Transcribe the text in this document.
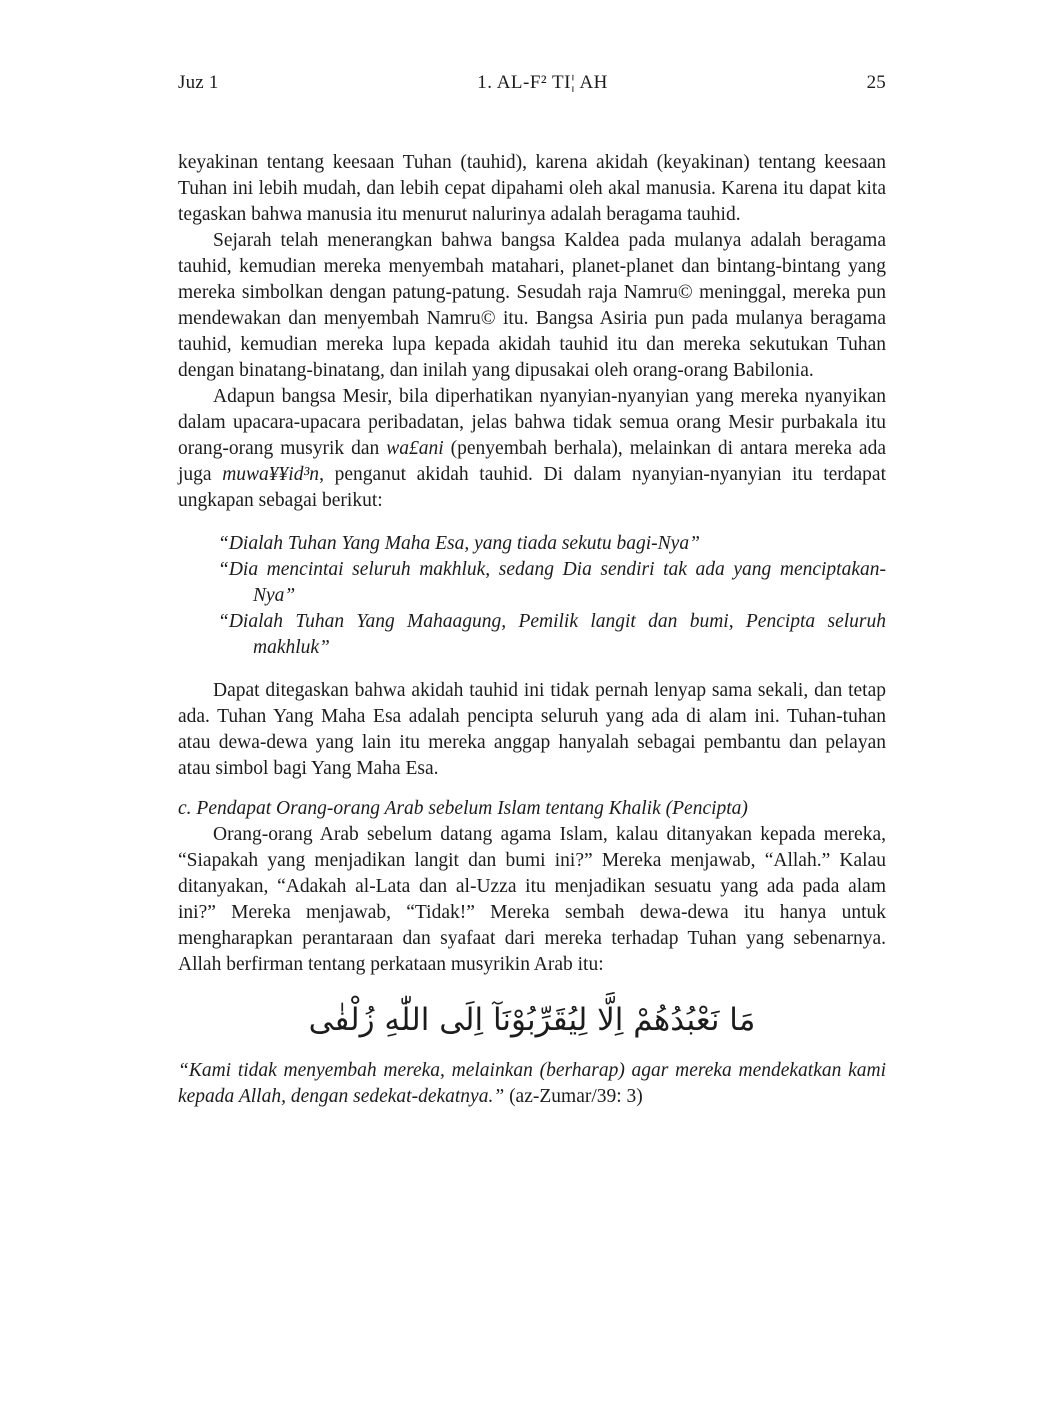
Juz 1	1. AL-F² TI¦ AH	25

keyakinan tentang keesaan Tuhan (tauhid), karena akidah (keyakinan) tentang keesaan Tuhan ini lebih mudah, dan lebih cepat dipahami oleh akal manusia. Karena itu dapat kita tegaskan bahwa manusia itu menurut nalurinya adalah beragama tauhid.

Sejarah telah menerangkan bahwa bangsa Kaldea pada mulanya adalah beragama tauhid, kemudian mereka menyembah matahari, planet-planet dan bintang-bintang yang mereka simbolkan dengan patung-patung. Sesudah raja Namru© meninggal, mereka pun mendewakan dan menyembah Namru© itu. Bangsa Asiria pun pada mulanya beragama tauhid, kemudian mereka lupa kepada akidah tauhid itu dan mereka sekutukan Tuhan dengan binatang-binatang, dan inilah yang dipusakai oleh orang-orang Babilonia.

Adapun bangsa Mesir, bila diperhatikan nyanyian-nyanyian yang mereka nyanyikan dalam upacara-upacara peribadatan, jelas bahwa tidak semua orang Mesir purbakala itu orang-orang musyrik dan wa£ani (penyembah berhala), melainkan di antara mereka ada juga muwa¥¥id³n, penganut akidah tauhid. Di dalam nyanyian-nyanyian itu terdapat ungkapan sebagai berikut:

“Dialah Tuhan Yang Maha Esa, yang tiada sekutu bagi-Nya”

“Dia mencintai seluruh makhluk, sedang Dia sendiri tak ada yang menciptakan-Nya”

“Dialah Tuhan Yang Mahaagung, Pemilik langit dan bumi, Pencipta seluruh makhluk”

Dapat ditegaskan bahwa akidah tauhid ini tidak pernah lenyap sama sekali, dan tetap ada. Tuhan Yang Maha Esa adalah pencipta seluruh yang ada di alam ini. Tuhan-tuhan atau dewa-dewa yang lain itu mereka anggap hanyalah sebagai pembantu dan pelayan atau simbol bagi Yang Maha Esa.

c. Pendapat Orang-orang Arab sebelum Islam tentang Khalik (Pencipta)

Orang-orang Arab sebelum datang agama Islam, kalau ditanyakan kepada mereka, “Siapakah yang menjadikan langit dan bumi ini?” Mereka menjawab, “Allah.” Kalau ditanyakan, “Adakah al-Lata dan al-Uzza itu menjadikan sesuatu yang ada pada alam ini?” Mereka menjawab, “Tidak!” Mereka sembah dewa-dewa itu hanya untuk mengharapkan perantaraan dan syafaat dari mereka terhadap Tuhan yang sebenarnya. Allah berfirman tentang perkataan musyrikin Arab itu:

مَا نَعْبُدُهُمْ اِلَّا لِيُقَرِّبُوْنَآ اِلَى اللّٰهِ زُلْفٰى

“Kami tidak menyembah mereka, melainkan (berharap) agar mereka mendekatkan kami kepada Allah, dengan sedekat-dekatnya.” (az-Zumar/39: 3)
